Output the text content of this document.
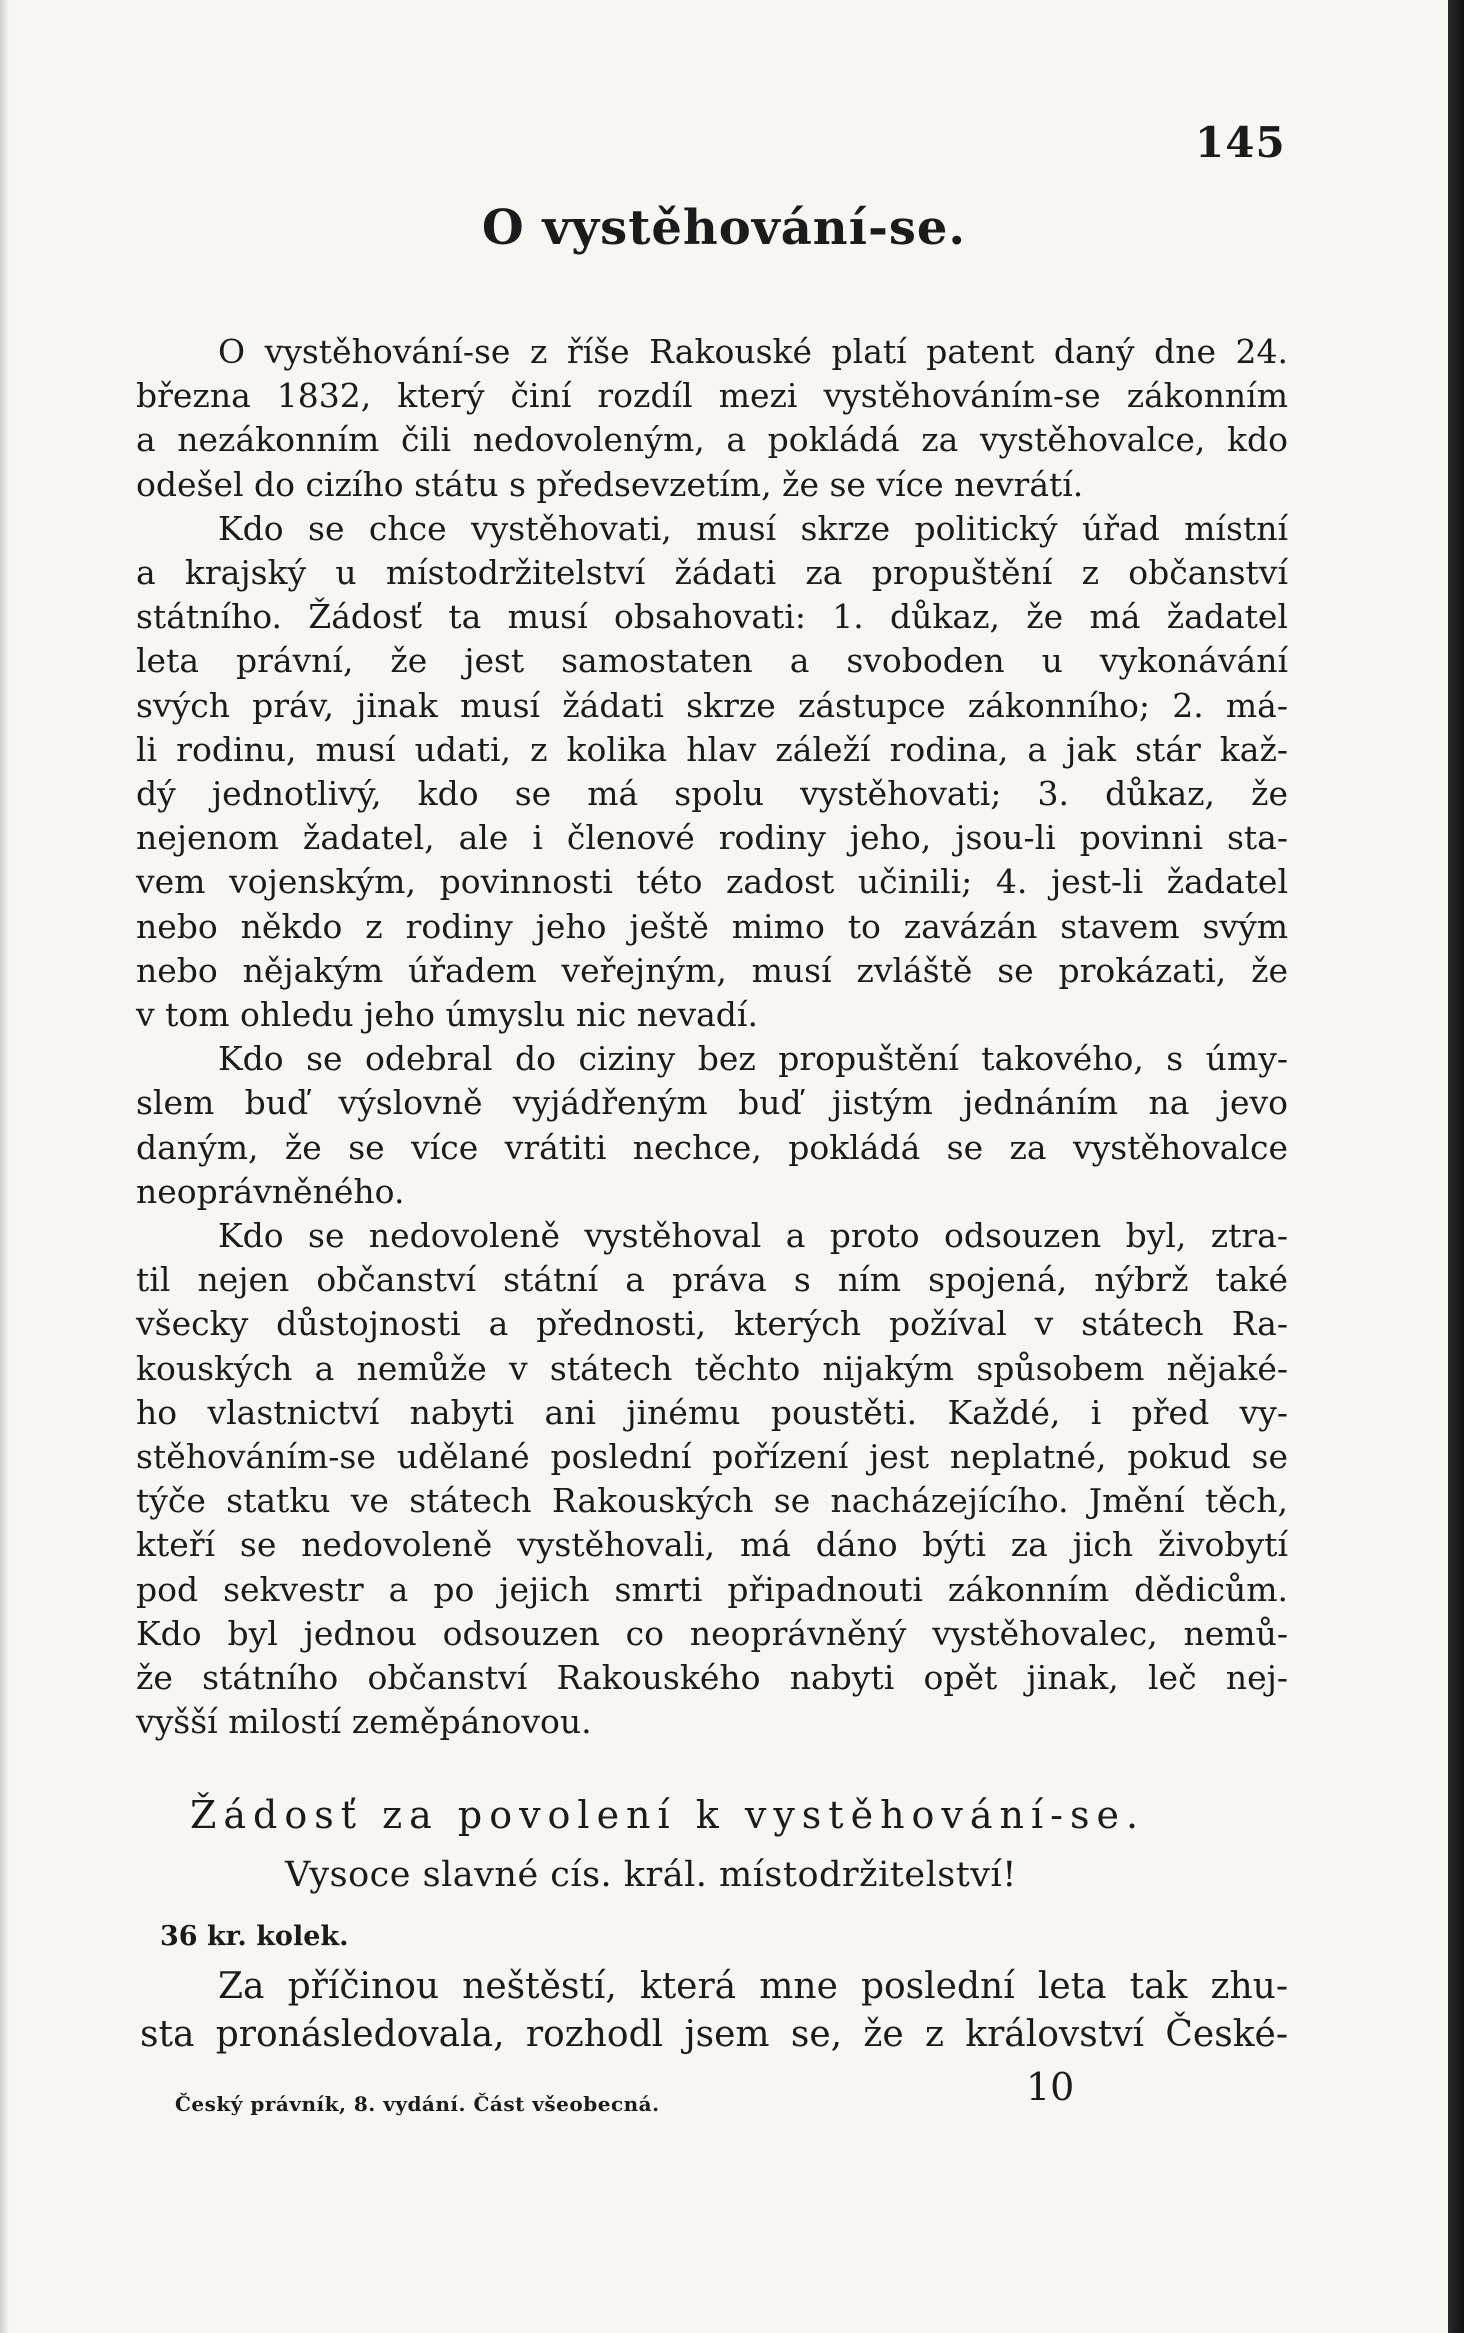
145
O vystěhování-se.
O vystěhování-se z říše Rakouské platí patent daný dne 24.
března 1832, který činí rozdíl mezi vystěhováním-se zákonním
a nezákonním čili nedovoleným, a pokládá za vystěhovalce, kdo
odešel do cizího státu s předsevzetím, že se více nevrátí.
Kdo se chce vystěhovati, musí skrze politický úřad místní
a krajský u místodržitelství žádati za propuštění z občanství
státního. Žádosť ta musí obsahovati: 1. důkaz, že má žadatel
leta právní, že jest samostaten a svoboden u vykonávání
svých práv, jinak musí žádati skrze zástupce zákonního; 2. má-
li rodinu, musí udati, z kolika hlav záleží rodina, a jak stár kaž-
dý jednotlivý, kdo se má spolu vystěhovati; 3. důkaz, že
nejenom žadatel, ale i členové rodiny jeho, jsou-li povinni sta-
vem vojenským, povinnosti této zadost učinili; 4. jest-li žadatel
nebo někdo z rodiny jeho ještě mimo to zavázán stavem svým
nebo nějakým úřadem veřejným, musí zvláště se prokázati, že
v tom ohledu jeho úmyslu nic nevadí.
Kdo se odebral do ciziny bez propuštění takového, s úmy-
slem buď výslovně vyjádřeným buď jistým jednáním na jevo
daným, že se více vrátiti nechce, pokládá se za vystěhovalce
neoprávněného.
Kdo se nedovoleně vystěhoval a proto odsouzen byl, ztra-
til nejen občanství státní a práva s ním spojená, nýbrž také
všecky důstojnosti a přednosti, kterých požíval v státech Ra-
kouských a nemůže v státech těchto nijakým spůsobem nějaké-
ho vlastnictví nabyti ani jinému poustěti. Každé, i před vy-
stěhováním-se udělané poslední pořízení jest neplatné, pokud se
týče statku ve státech Rakouských se nacházejícího. Jmění těch,
kteří se nedovoleně vystěhovali, má dáno býti za jich živobytí
pod sekvestr a po jejich smrti připadnouti zákonním dědicům.
Kdo byl jednou odsouzen co neoprávněný vystěhovalec, nemů-
že státního občanství Rakouského nabyti opět jinak, leč nej-
vyšší milostí zeměpánovou.
Žádosť za povolení k vystěhování-se.
Vysoce slavné cís. král. místodržitelství!
36 kr. kolek.
Za příčinou neštěstí, která mne poslední leta tak zhu-
sta pronásledovala, rozhodl jsem se, že z království České-
Český právník, 8. vydání. Část všeobecná.	10
